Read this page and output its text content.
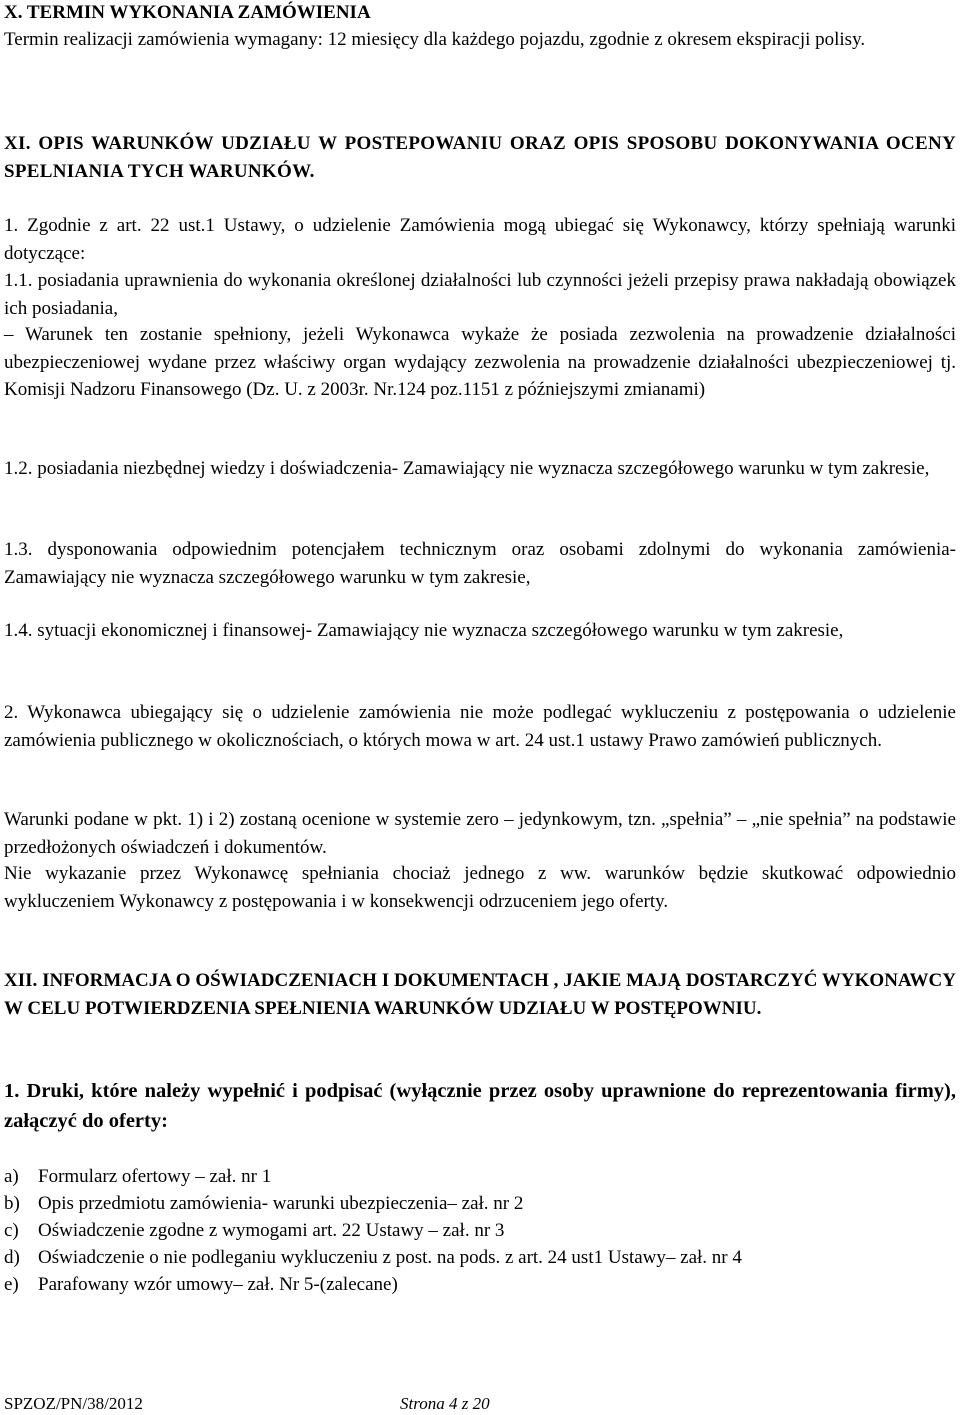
X. TERMIN WYKONANIA ZAMÓWIENIA
Termin realizacji zamówienia wymagany: 12 miesięcy dla każdego pojazdu, zgodnie z okresem ekspiracji polisy.
XI. OPIS WARUNKÓW UDZIAŁU W POSTEPOWANIU ORAZ OPIS SPOSOBU DOKONYWANIA OCENY SPELNIANIA TYCH WARUNKÓW.
1. Zgodnie z art. 22 ust.1 Ustawy, o udzielenie Zamówienia mogą ubiegać się Wykonawcy, którzy spełniają warunki dotyczące:
1.1. posiadania uprawnienia do wykonania określonej działalności lub czynności jeżeli przepisy prawa nakładają obowiązek ich posiadania,
– Warunek ten zostanie spełniony, jeżeli Wykonawca wykaże że posiada zezwolenia na prowadzenie działalności ubezpieczeniowej wydane przez właściwy organ wydający zezwolenia na prowadzenie działalności ubezpieczeniowej tj. Komisji Nadzoru Finansowego (Dz. U. z 2003r. Nr.124 poz.1151 z późniejszymi zmianami)
1.2. posiadania niezbędnej wiedzy i doświadczenia- Zamawiający nie wyznacza szczegółowego warunku w tym zakresie,
1.3. dysponowania odpowiednim potencjałem technicznym oraz osobami zdolnymi do wykonania zamówienia- Zamawiający nie wyznacza szczegółowego warunku w tym zakresie,
1.4. sytuacji ekonomicznej i finansowej- Zamawiający nie wyznacza szczegółowego warunku w tym zakresie,
2. Wykonawca ubiegający się o udzielenie zamówienia nie może podlegać wykluczeniu z postępowania o udzielenie zamówienia publicznego w okolicznościach, o których mowa w art. 24 ust.1 ustawy Prawo zamówień publicznych.
Warunki podane w pkt. 1) i 2) zostaną ocenione w systemie zero – jedynkowym, tzn. „spełnia” – „nie spełnia” na podstawie przedłożonych oświadczeń i dokumentów.
Nie wykazanie przez Wykonawcę spełniania chociaż jednego z ww. warunków będzie skutkować odpowiednio wykluczeniem Wykonawcy z postępowania i w konsekwencji odrzuceniem jego oferty.
XII. INFORMACJA O OŚWIADCZENIACH I DOKUMENTACH , JAKIE MAJĄ DOSTARCZYĆ WYKONAWCY W CELU POTWIERDZENIA SPEŁNIENIA WARUNKÓW UDZIAŁU W POSTĘPOWNIU.
1. Druki, które należy wypełnić i podpisać (wyłącznie przez osoby uprawnione do reprezentowania firmy), załączyć do oferty:
a) Formularz ofertowy – zał. nr 1
b) Opis przedmiotu zamówienia- warunki ubezpieczenia– zał. nr 2
c) Oświadczenie zgodne z wymogami art. 22 Ustawy – zał. nr 3
d) Oświadczenie o nie podleganiu wykluczeniu z post. na pods. z art. 24 ust1 Ustawy– zał. nr 4
e) Parafowany wzór umowy– zał. Nr 5-(zalecane)
SPZOZ/PN/38/2012	Strona 4 z 20
